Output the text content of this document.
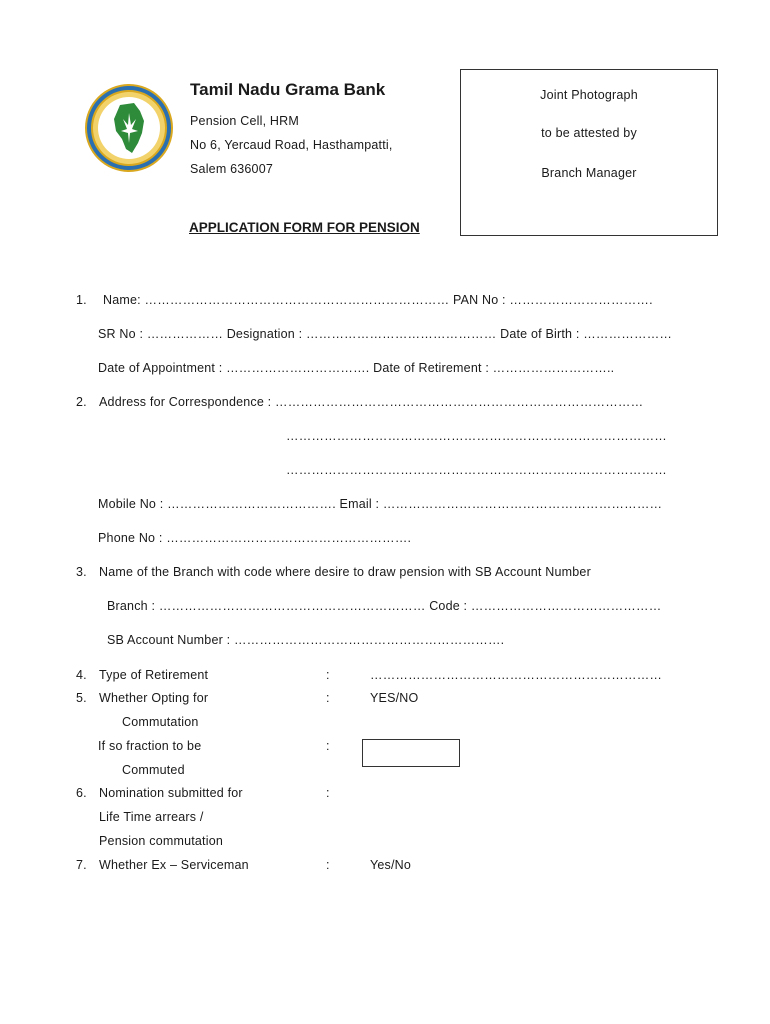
Tamil Nadu Grama Bank
Pension Cell, HRM
No 6, Yercaud Road, Hasthampatti,
Salem 636007
Joint Photograph
to be attested by
Branch Manager
APPLICATION FORM FOR PENSION
1. Name: ……………………………………………………………… PAN No : …………………………….
SR No : ……………… Designation : ……………………………………… Date of Birth : …………………
Date of Appointment : ……………………………. Date of Retirement : ………………………..
2. Address for Correspondence : ……………………………………………………………………………
………………………………………………………………………………
………………………………………………………………………………
Mobile No : …………………………………. Email : …………………………………………………………
Phone No : ………………………………………………….
3. Name of the Branch with code where desire to draw pension with SB Account Number
Branch : ……………………………………………………… Code : ………………………………………
SB Account Number : ……………………………………………………….
4. Type of Retirement	:	……………………………………………………………
5. Whether Opting for
Commutation
:	YES/NO
If so fraction to be
Commuted
:
6. Nomination submitted for
Life Time arrears /
Pension commutation
:
7. Whether Ex – Serviceman	:	Yes/No
